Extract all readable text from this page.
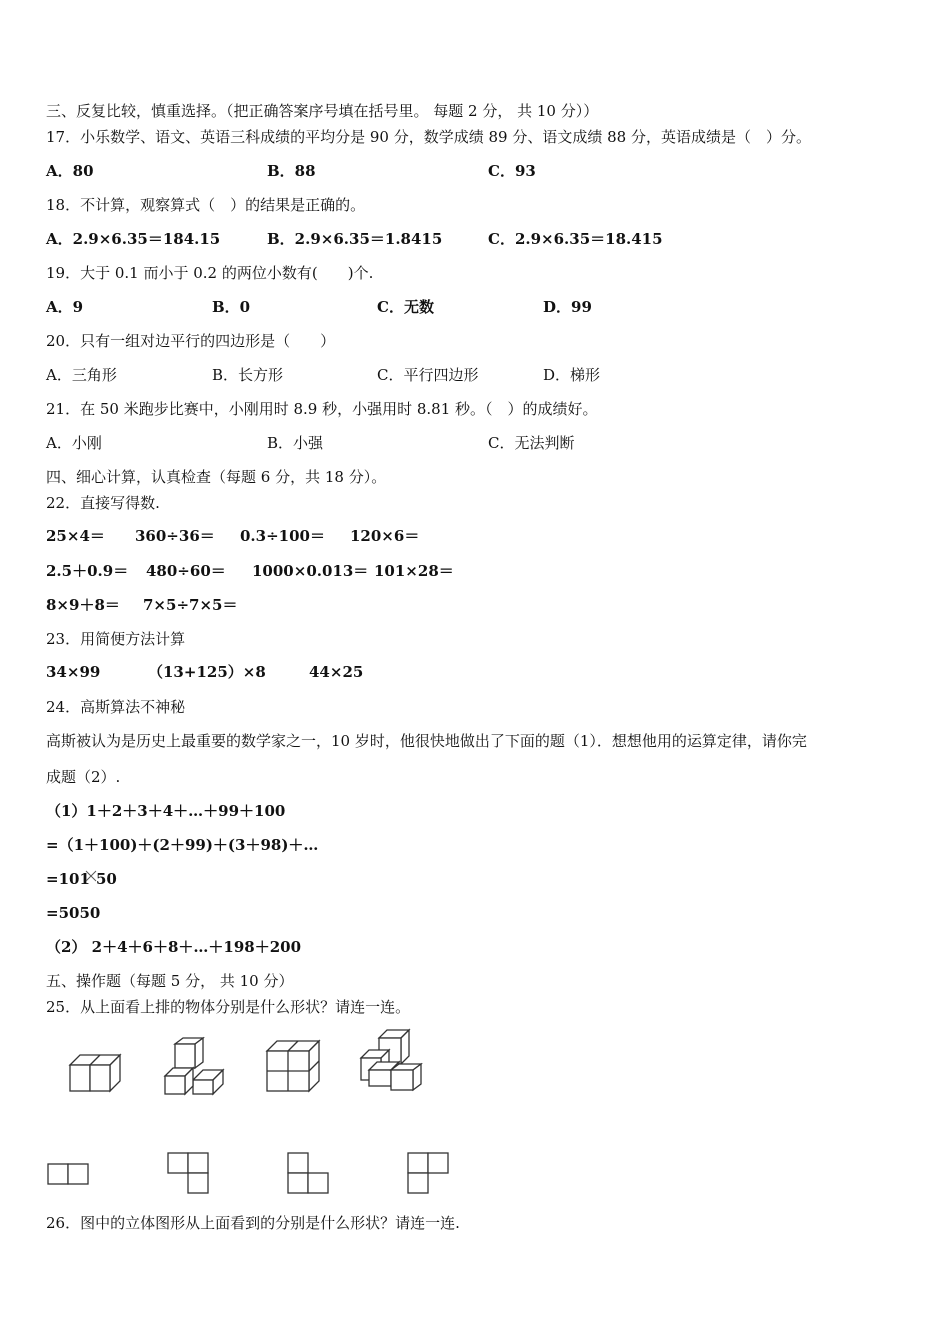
三、反复比较，慎重选择。（把正确答案序号填在括号里。 每题 2 分， 共 10 分））
17．小乐数学、语文、英语三科成绩的平均分是 90 分，数学成绩 89 分、语文成绩 88 分，英语成绩是（　）分。
A．80	B．88	C．93
18．不计算，观察算式（　）的结果是正确的。
A．2.9×6.35＝184.15	B．2.9×6.35＝1.8415	C．2.9×6.35＝18.415
19．大于 0.1 而小于 0.2 的两位小数有(　　)个.
A．9	B．0	C．无数	D．99
20．只有一组对边平行的四边形是（　　）
A．三角形	B．长方形	C．平行四边形	D．梯形
21．在 50 米跑步比赛中，小刚用时 8.9 秒，小强用时 8.81 秒。（　）的成绩好。
A．小刚	B．小强	C．无法判断
四、细心计算，认真检查（每题 6 分，共 18 分）。
22．直接写得数.
25×4＝ 360÷36＝ 0.3÷100＝ 120×6＝
2.5＋0.9＝ 480÷60＝ 1000×0.013＝ 101×28＝
8×9＋8＝ 7×5÷7×5＝
23．用简便方法计算
34×99	（13+125）×8	44×25
24．高斯算法不神秘
高斯被认为是历史上最重要的数学家之一，10 岁时，他很快地做出了下面的题（1）．想想他用的运算定律，请你完
成题（2）.
（1）1＋2＋3＋4＋…＋99＋100
=（1＋100)＋(2＋99)＋(3＋98)＋…
=101 50
=5050
（2） 2＋4＋6＋8＋…＋198＋200
五、操作题（每题 5 分， 共 10 分）
25．从上面看上排的物体分别是什么形状？请连一连。
26．图中的立体图形从上面看到的分别是什么形状？请连一连.
